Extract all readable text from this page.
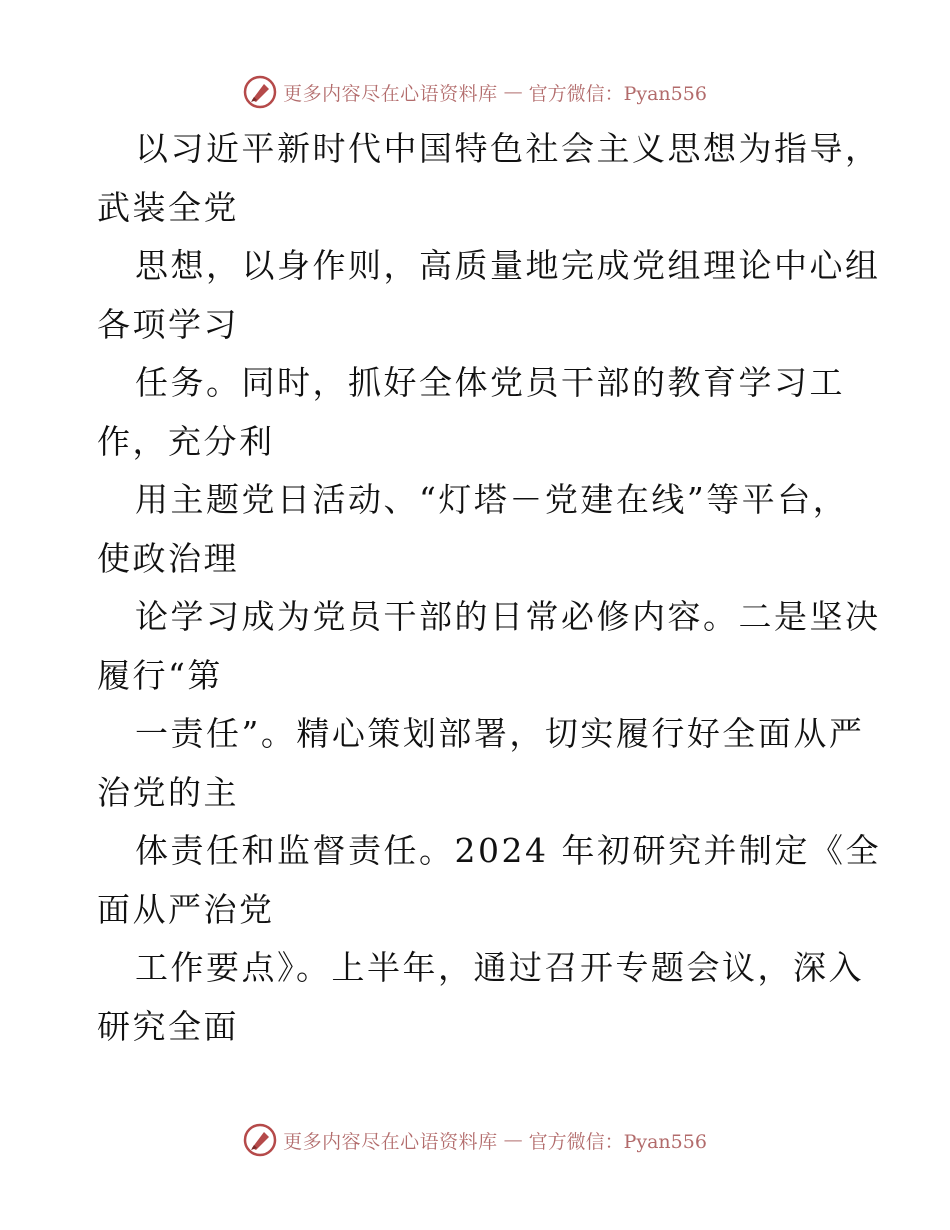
更多内容尽在心语资料库 — 官方微信：Pyan556

以习近平新时代中国特色社会主义思想为指导，
武装全党

思想，以身作则，高质量地完成党组理论中心组
各项学习

任务。同时，抓好全体党员干部的教育学习工
作，充分利

用主题党日活动、“灯塔－党建在线”等平台，
使政治理

论学习成为党员干部的日常必修内容。二是坚决
履行“第

一责任”。精心策划部署，切实履行好全面从严
治党的主

体责任和监督责任。2024 年初研究并制定《全
面从严治党

工作要点》。上半年，通过召开专题会议，深入
研究全面

更多内容尽在心语资料库 — 官方微信：Pyan556
